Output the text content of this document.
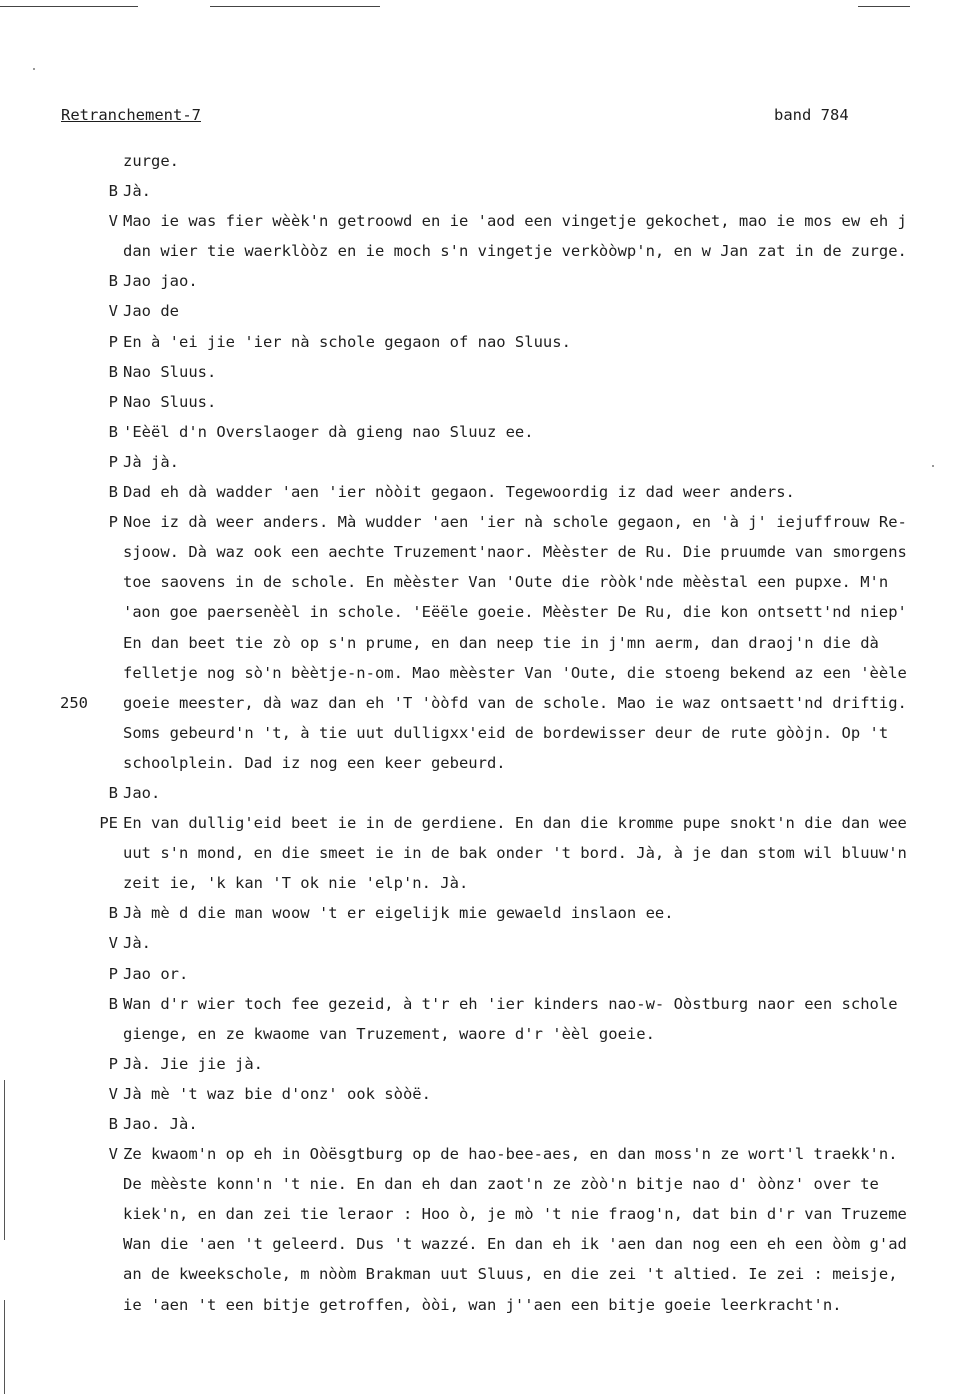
Retranchement-7	band 784
zurge.
B Jà.
V Mao ie was fier wèèk'n getroowd en ie 'aod een vingetje gekochet, mao ie mos ew eh j
dan wier tie waerklòòz en ie moch s'n vingetje verkòòwp'n, en w Jan zat in de zurge.
B Jao jao.
V Jao de
P En à 'ei jie 'ier nà schole gegaon of nao Sluus.
B Nao Sluus.
P Nao Sluus.
B 'Eèël d'n Overslaoger dà gieng nao Sluuz ee.
P Jà jà.
B Dad eh dà wadder 'aen 'ier nòòit gegaon. Tegewoordig iz dad weer anders.
P Noe iz dà weer anders. Mà wudder 'aen 'ier nà schole gegaon, en 'à j' iejuffrouw Re-
sjoow. Dà waz ook een aechte Truzement'naor. Mèèster de Ru. Die pruumde van smorgens
toe saovens in de schole. En mèèster Van 'Oute die ròòk'nde mèèstal een pupxe. M'n
'aon goe paersenèèl in schole. 'Eëële goeie. Mèèster De Ru, die kon ontsett'nd niep'
En dan beet tie zò op s'n prume, en dan neep tie in j'mn aerm, dan draoj'n die dà
felletje nog sò'n bèètje-n-om. Mao mèèster Van 'Oute, die stoeng bekend az een 'èèle
250 goeie meester, dà waz dan eh 'T 'òòfd van de schole. Mao ie waz ontsaett'nd driftig.
Soms gebeurd'n 't, à tie uut dulligxx'eid de bordewisser deur de rute gòòjn. Op 't
schoolplein. Dad iz nog een keer gebeurd.
B Jao.
PE En van dullig'eid beet ie in de gerdiene. En dan die kromme pupe snokt'n die dan wee
uut s'n mond, en die smeet ie in de bak onder 't bord. Jà, à je dan stom wil bluuw'n
zeit ie, 'k kan 'T ok nie 'elp'n. Jà.
B Jà mè d die man woow 't er eigelijk mie gewaeld inslaon ee.
V Jà.
P Jao or.
B Wan d'r wier toch fee gezeid, à t'r eh 'ier kinders nao-w- Oòstburg naor een schole
gienge, en ze kwaome van Truzement, waore d'r 'èèl goeie.
P Jà. Jie jie jà.
V Jà mè 't waz bie d'onz' ook sòòë.
B Jao. Jà.
V Ze kwaom'n op eh in Oòësgtburg op de hao-bee-aes, en dan moss'n ze wort'l traekk'n.
De mèèste konn'n 't nie. En dan eh dan zaot'n ze zòò'n bitje nao d' òònz' over te
kiek'n, en dan zei tie leraor : Hoo ò, je mò 't nie fraog'n, dat bin d'r van Truzeme
Wan die 'aen 't geleerd. Dus 't wazzé. En dan eh ik 'aen dan nog een eh een òòm g'ad
an de kweekschole, m nòòm Brakman uut Sluus, en die zei 't altied. Ie zei : meisje,
ie 'aen 't een bitje getroffen, òòi, wan j''aen een bitje goeie leerkracht'n.
